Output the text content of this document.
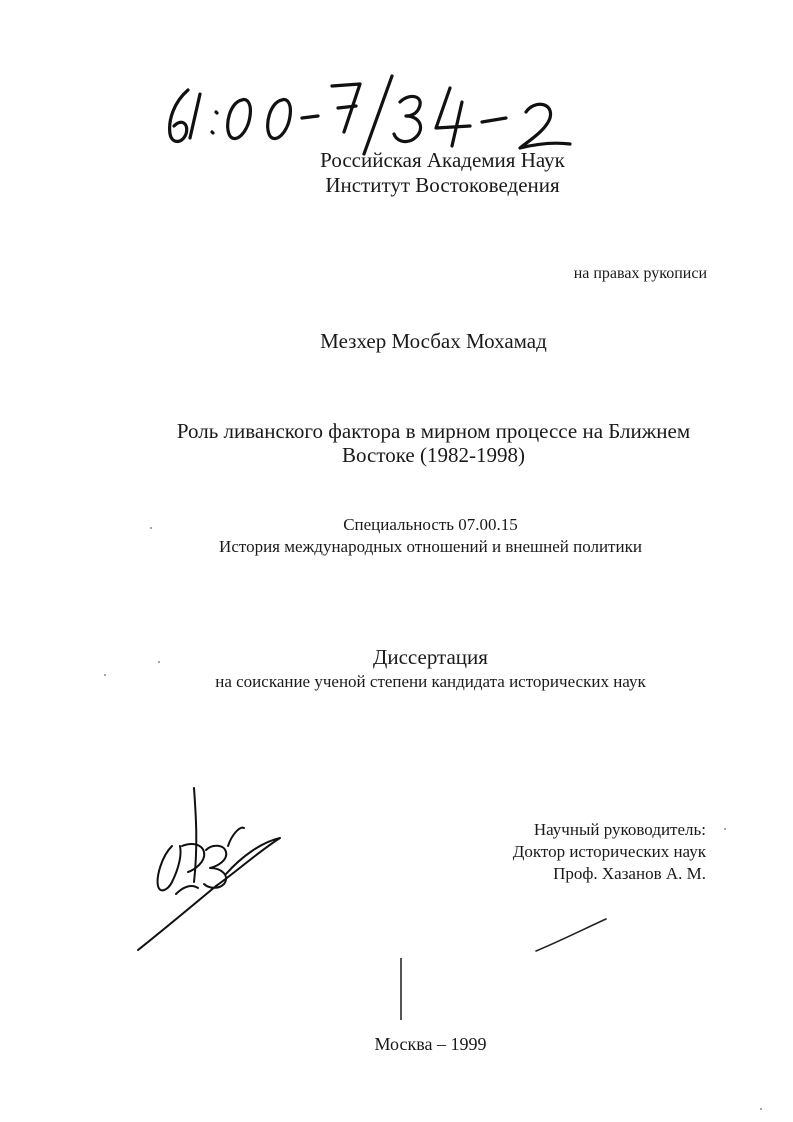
Российская Академия Наук
Институт Востоковедения
на правах рукописи
Мезхер Мосбах Мохамад
Роль ливанского фактора в мирном процессе на Ближнем
Востоке (1982-1998)
Специальность 07.00.15
История международных отношений и внешней политики
Диссертация
на соискание ученой степени кандидата исторических наук
Научный руководитель:
Доктор исторических наук
Проф. Хазанов А. М.
Москва – 1999
